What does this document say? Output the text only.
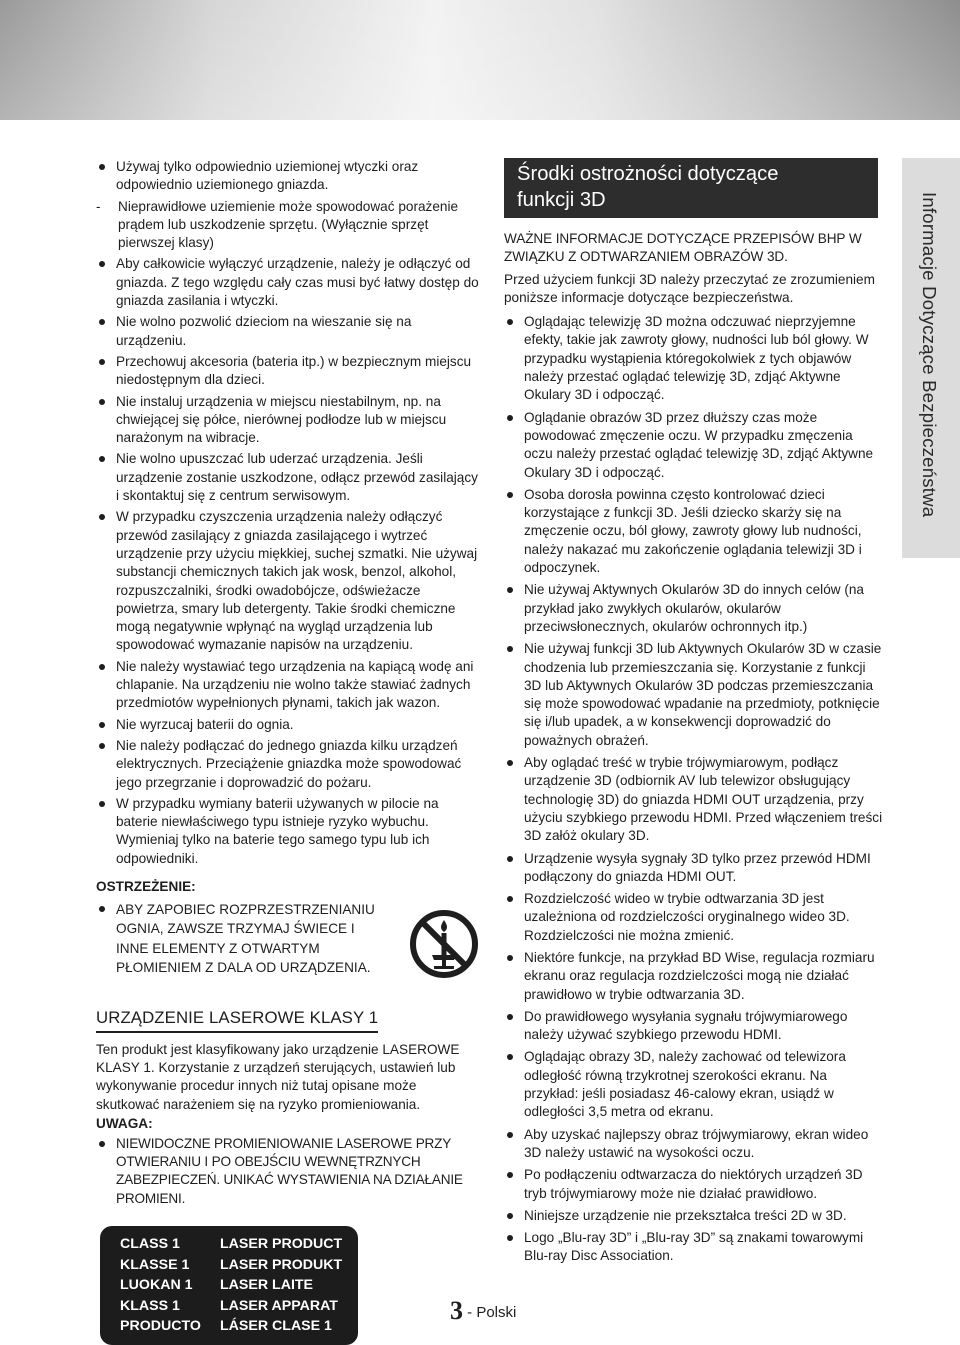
Używaj tylko odpowiednio uziemionej wtyczki oraz odpowiednio uziemionego gniazda.
- Nieprawidłowe uziemienie może spowodować porażenie prądem lub uszkodzenie sprzętu. (Wyłącznie sprzęt pierwszej klasy)
Aby całkowicie wyłączyć urządzenie, należy je odłączyć od gniazda. Z tego względu cały czas musi być łatwy dostęp do gniazda zasilania i wtyczki.
Nie wolno pozwolić dzieciom na wieszanie się na urządzeniu.
Przechowuj akcesoria (bateria itp.) w bezpiecznym miejscu niedostępnym dla dzieci.
Nie instaluj urządzenia w miejscu niestabilnym, np. na chwiejącej się półce, nierównej podłodze lub w miejscu narażonym na wibracje.
Nie wolno upuszczać lub uderzać urządzenia. Jeśli urządzenie zostanie uszkodzone, odłącz przewód zasilający i skontaktuj się z centrum serwisowym.
W przypadku czyszczenia urządzenia należy odłączyć przewód zasilający z gniazda zasilającego i wytrzeć urządzenie przy użyciu miękkiej, suchej szmatki. Nie używaj substancji chemicznych takich jak wosk, benzol, alkohol, rozpuszczalniki, środki owadobójcze, odświeżacze powietrza, smary lub detergenty. Takie środki chemiczne mogą negatywnie wpłynąć na wygląd urządzenia lub spowodować wymazanie napisów na urządzeniu.
Nie należy wystawiać tego urządzenia na kapiącą wodę ani chlapanie. Na urządzeniu nie wolno także stawiać żadnych przedmiotów wypełnionych płynami, takich jak wazon.
Nie wyrzucaj baterii do ognia.
Nie należy podłączać do jednego gniazda kilku urządzeń elektrycznych. Przeciążenie gniazdka może spowodować jego przegrzanie i doprowadzić do pożaru.
W przypadku wymiany baterii używanych w pilocie na baterie niewłaściwego typu istnieje ryzyko wybuchu. Wymieniaj tylko na baterie tego samego typu lub ich odpowiedniki.
OSTRZEŻENIE:
ABY ZAPOBIEC ROZPRZESTRZENIANIU OGNIA, ZAWSZE TRZYMAJ ŚWIECE I INNE ELEMENTY Z OTWARTYM PŁOMIENIEM Z DALA OD URZĄDZENIA.
URZĄDZENIE LASEROWE KLASY 1
Ten produkt jest klasyfikowany jako urządzenie LASEROWE KLASY 1. Korzystanie z urządzeń sterujących, ustawień lub wykonywanie procedur innych niż tutaj opisane może skutkować narażeniem się na ryzyko promieniowania.
UWAGA:
NIEWIDOCZNE PROMIENIOWANIE LASEROWE PRZY OTWIERANIU I PO OBEJŚCIU WEWNĘTRZNYCH ZABEZPIECZEŃ. UNIKAĆ WYSTAWIENIA NA DZIAŁANIE PROMIENI.
CLASS 1	LASER PRODUCT
KLASSE 1	LASER PRODUKT
LUOKAN 1	LASER LAITE
KLASS 1	LASER APPARAT
PRODUCTO	LÁSER CLASE 1
Środki ostrożności dotyczące
funkcji 3D
WAŻNE INFORMACJE DOTYCZĄCE PRZEPISÓW BHP W ZWIĄZKU Z ODTWARZANIEM OBRAZÓW 3D.
Przed użyciem funkcji 3D należy przeczytać ze zrozumieniem poniższe informacje dotyczące bezpieczeństwa.
Oglądając telewizję 3D można odczuwać nieprzyjemne efekty, takie jak zawroty głowy, nudności lub ból głowy. W przypadku wystąpienia któregokolwiek z tych objawów należy przestać oglądać telewizję 3D, zdjąć Aktywne Okulary 3D i odpocząć.
Oglądanie obrazów 3D przez dłuższy czas może powodować zmęczenie oczu. W przypadku zmęczenia oczu należy przestać oglądać telewizję 3D, zdjąć Aktywne Okulary 3D i odpocząć.
Osoba dorosła powinna często kontrolować dzieci korzystające z funkcji 3D. Jeśli dziecko skarży się na zmęczenie oczu, ból głowy, zawroty głowy lub nudności, należy nakazać mu zakończenie oglądania telewizji 3D i odpoczynek.
Nie używaj Aktywnych Okularów 3D do innych celów (na przykład jako zwykłych okularów, okularów przeciwsłonecznych, okularów ochronnych itp.)
Nie używaj funkcji 3D lub Aktywnych Okularów 3D w czasie chodzenia lub przemieszczania się. Korzystanie z funkcji 3D lub Aktywnych Okularów 3D podczas przemieszczania się może spowodować wpadanie na przedmioty, potknięcie się i/lub upadek, a w konsekwencji doprowadzić do poważnych obrażeń.
Aby oglądać treść w trybie trójwymiarowym, podłącz urządzenie 3D (odbiornik AV lub telewizor obsługujący technologię 3D) do gniazda HDMI OUT urządzenia, przy użyciu szybkiego przewodu HDMI. Przed włączeniem treści 3D załóż okulary 3D.
Urządzenie wysyła sygnały 3D tylko przez przewód HDMI podłączony do gniazda HDMI OUT.
Rozdzielczość wideo w trybie odtwarzania 3D jest uzależniona od rozdzielczości oryginalnego wideo 3D. Rozdzielczości nie można zmienić.
Niektóre funkcje, na przykład BD Wise, regulacja rozmiaru ekranu oraz regulacja rozdzielczości mogą nie działać prawidłowo w trybie odtwarzania 3D.
Do prawidłowego wysyłania sygnału trójwymiarowego należy używać szybkiego przewodu HDMI.
Oglądając obrazy 3D, należy zachować od telewizora odległość równą trzykrotnej szerokości ekranu. Na przykład: jeśli posiadasz 46-calowy ekran, usiądź w odległości 3,5 metra od ekranu.
Aby uzyskać najlepszy obraz trójwymiarowy, ekran wideo 3D należy ustawić na wysokości oczu.
Po podłączeniu odtwarzacza do niektórych urządzeń 3D tryb trójwymiarowy może nie działać prawidłowo.
Niniejsze urządzenie nie przekształca treści 2D w 3D.
Logo „Blu-ray 3D” i „Blu-ray 3D” są znakami towarowymi Blu-ray Disc Association.
Informacje Dotyczące Bezpieczeństwa
3 - Polski
